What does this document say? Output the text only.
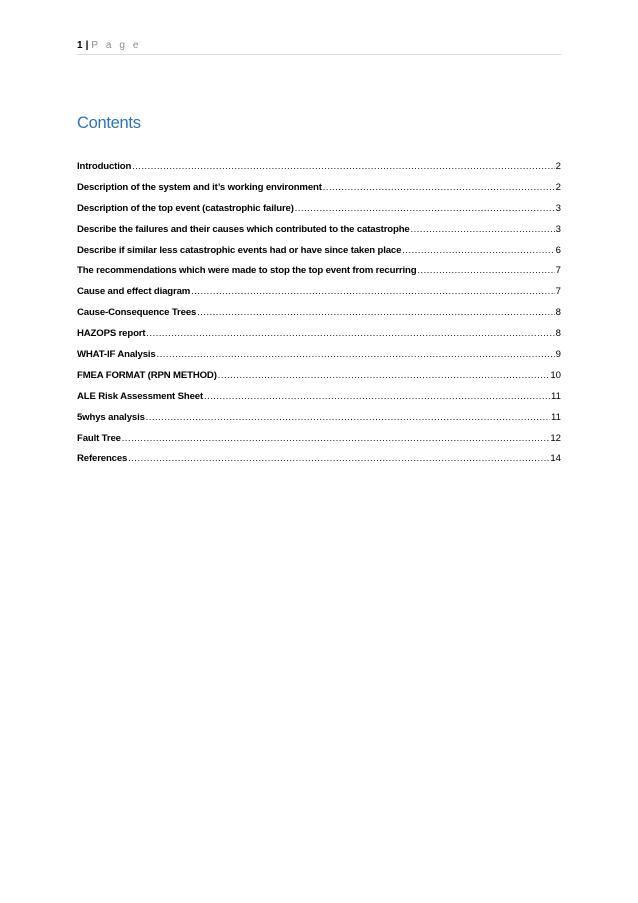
1 | P a g e
Contents
Introduction .....	2
Description of the system and it’s working environment .....	2
Description of the top event (catastrophic failure) .....	3
Describe the failures and their causes which contributed to the catastrophe .....	3
Describe if similar less catastrophic events had or have since taken place .....	6
The recommendations which were made to stop the top event from recurring .....	7
Cause and effect diagram .....	7
Cause-Consequence Trees .....	8
HAZOPS report .....	8
WHAT-IF Analysis .....	9
FMEA FORMAT (RPN METHOD) .....	10
ALE Risk Assessment Sheet .....	11
5whys analysis .....	11
Fault Tree .....	12
References .....	14
